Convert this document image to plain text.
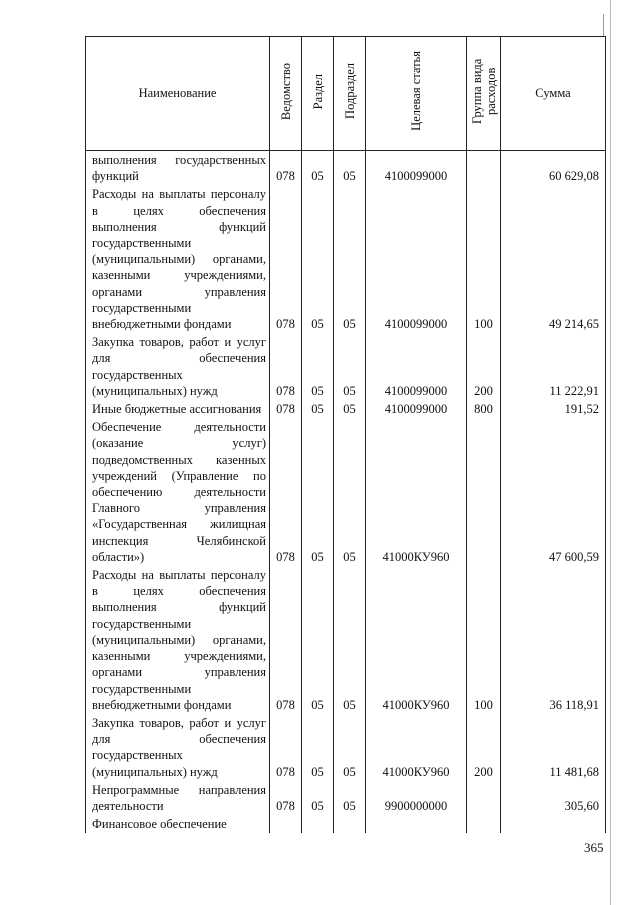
Наименование	Ведомство	Раздел	Подраздел	Целевая статья	Группа вида расходов	Сумма

выполнения государственных функций	078	05	05	4100099000		60 629,08

Расходы на выплаты персоналу в целях обеспечения выполнения функций государственными (муниципальными) органами, казенными учреждениями, органами управления государственными внебюджетными фондами	078	05	05	4100099000	100	49 214,65

Закупка товаров, работ и услуг для обеспечения государственных (муниципальных) нужд	078	05	05	4100099000	200	11 222,91

Иные бюджетные ассигнования	078	05	05	4100099000	800	191,52

Обеспечение деятельности (оказание услуг) подведомственных казенных учреждений (Управление по обеспечению деятельности Главного управления «Государственная жилищная инспекция Челябинской области»)	078	05	05	41000КУ960		47 600,59

Расходы на выплаты персоналу в целях обеспечения выполнения функций государственными (муниципальными) органами, казенными учреждениями, органами управления государственными внебюджетными фондами	078	05	05	41000КУ960	100	36 118,91

Закупка товаров, работ и услуг для обеспечения государственных (муниципальных) нужд	078	05	05	41000КУ960	200	11 481,68

Непрограммные направления деятельности	078	05	05	9900000000		305,60

Финансовое обеспечение						

365
